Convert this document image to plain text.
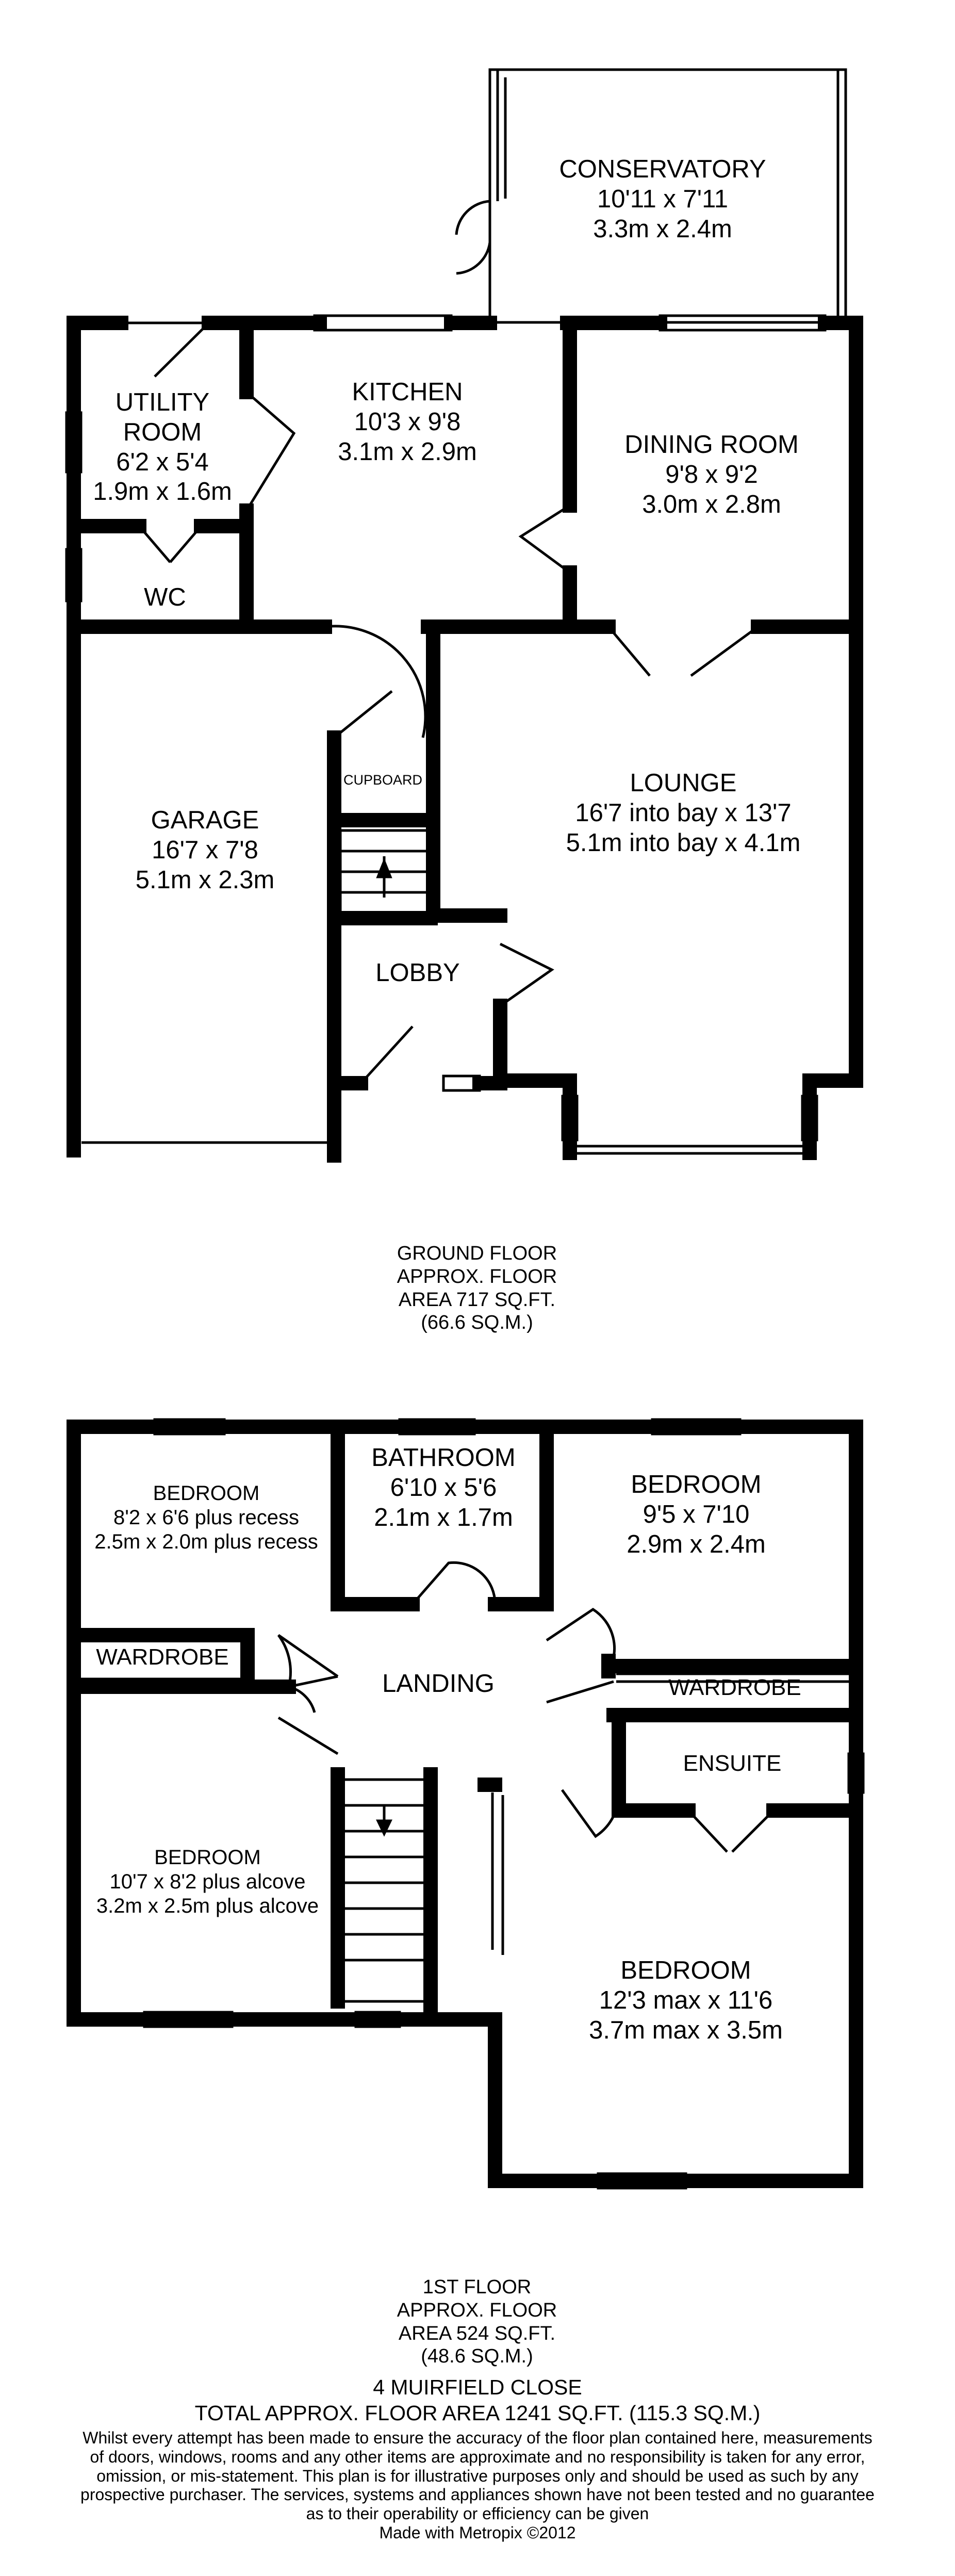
CONSERVATORY
10'11 x 7'11
3.3m x 2.4m
UTILITY
ROOM
6'2 x 5'4
1.9m x 1.6m
KITCHEN
10'3 x 9'8
3.1m x 2.9m	DINING ROOM
9'8 x 9'2
3.0m x 2.8m
WC
GARAGE
16'7 x 7'8
5.1m x 2.3m
CUPBOARD	LOUNGE
16'7 into bay x 13'7
5.1m into bay x 4.1m
LOBBY
GROUND FLOOR
APPROX. FLOOR
AREA 717 SQ.FT.
(66.6 SQ.M.)
BEDROOM
8'2 x 6'6 plus recess
2.5m x 2.0m plus recess
BATHROOM
6'10 x 5'6
2.1m x 1.7m
BEDROOM
9'5 x 7'10
2.9m x 2.4m
WARDROBE
LANDING	WARDROBE
ENSUITE
BEDROOM
10'7 x 8'2 plus alcove
3.2m x 2.5m plus alcove
BEDROOM
12'3 max x 11'6
3.7m max x 3.5m
1ST FLOOR
APPROX. FLOOR
AREA 524 SQ.FT.
(48.6 SQ.M.)
4 MUIRFIELD CLOSE
TOTAL APPROX. FLOOR AREA 1241 SQ.FT. (115.3 SQ.M.)
Whilst every attempt has been made to ensure the accuracy of the floor plan contained here, measurements
of doors, windows, rooms and any other items are approximate and no responsibility is taken for any error,
omission, or mis-statement. This plan is for illustrative purposes only and should be used as such by any
prospective purchaser. The services, systems and appliances shown have not been tested and no guarantee
as to their operability or efficiency can be given
Made with Metropix ©2012
